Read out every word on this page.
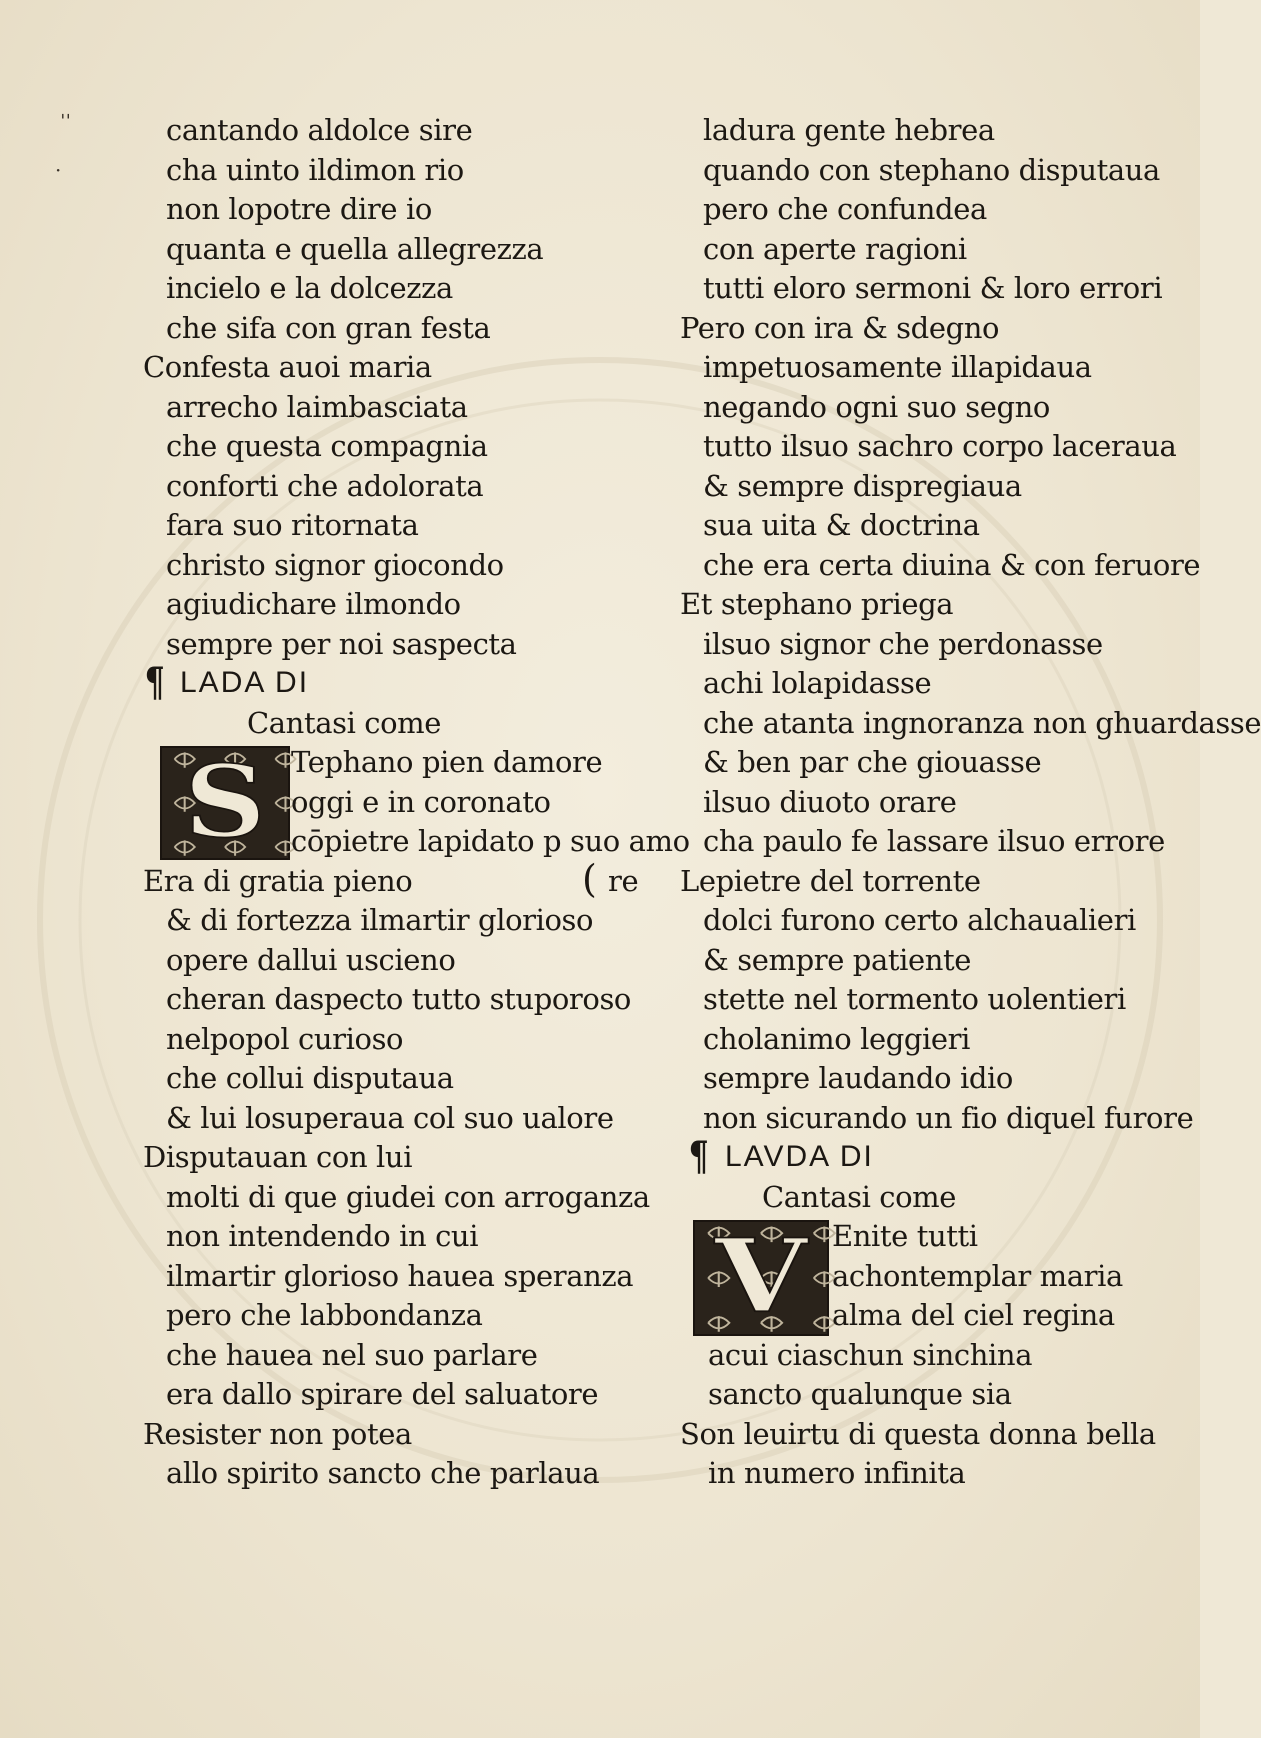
ˈˈ
·
cantando aldolce sire
cha uinto ildimon rio
non lopotre dire io
quanta e quella allegrezza
incielo e la dolcezza
che sifa con gran festa
Confesta auoi maria
arrecho laimbasciata
che questa compagnia
conforti che adolorata
fara suo ritornata
christo signor giocondo
agiudichare ilmondo
sempre per noi saspecta
¶ LADA DI
Cantasi come
S Tephano pien damore
oggi e in coronato
cōpietre lapidato p suo amo
re
(
Era di gratia pieno
& di fortezza ilmartir glorioso
opere dallui uscieno
cheran daspecto tutto stuporoso
nelpopol curioso
che collui disputaua
& lui losuperaua col suo ualore
Disputauan con lui
molti di que giudei con arroganza
non intendendo in cui
ilmartir glorioso hauea speranza
pero che labbondanza
che hauea nel suo parlare
era dallo spirare del saluatore
Resister non potea
allo spirito sancto che parlaua
ladura gente hebrea
quando con stephano disputaua
pero che confundea
con aperte ragioni
tutti eloro sermoni & loro errori
Pero con ira & sdegno
impetuosamente illapidaua
negando ogni suo segno
tutto ilsuo sachro corpo laceraua
& sempre dispregiaua
sua uita & doctrina
che era certa diuina & con feruore
Et stephano priega
ilsuo signor che perdonasse
achi lolapidasse
che atanta ingnoranza non ghuardasse
& ben par che giouasse
ilsuo diuoto orare
cha paulo fe lassare ilsuo errore
Lepietre del torrente
dolci furono certo alchaualieri
& sempre patiente
stette nel tormento uolentieri
cholanimo leggieri
sempre laudando idio
non sicurando un fio diquel furore
¶ LAVDA DI
Cantasi come
V Enite tutti
achontemplar maria
alma del ciel regina
acui ciaschun sinchina
sancto qualunque sia
Son leuirtu di questa donna bella
in numero infinita
